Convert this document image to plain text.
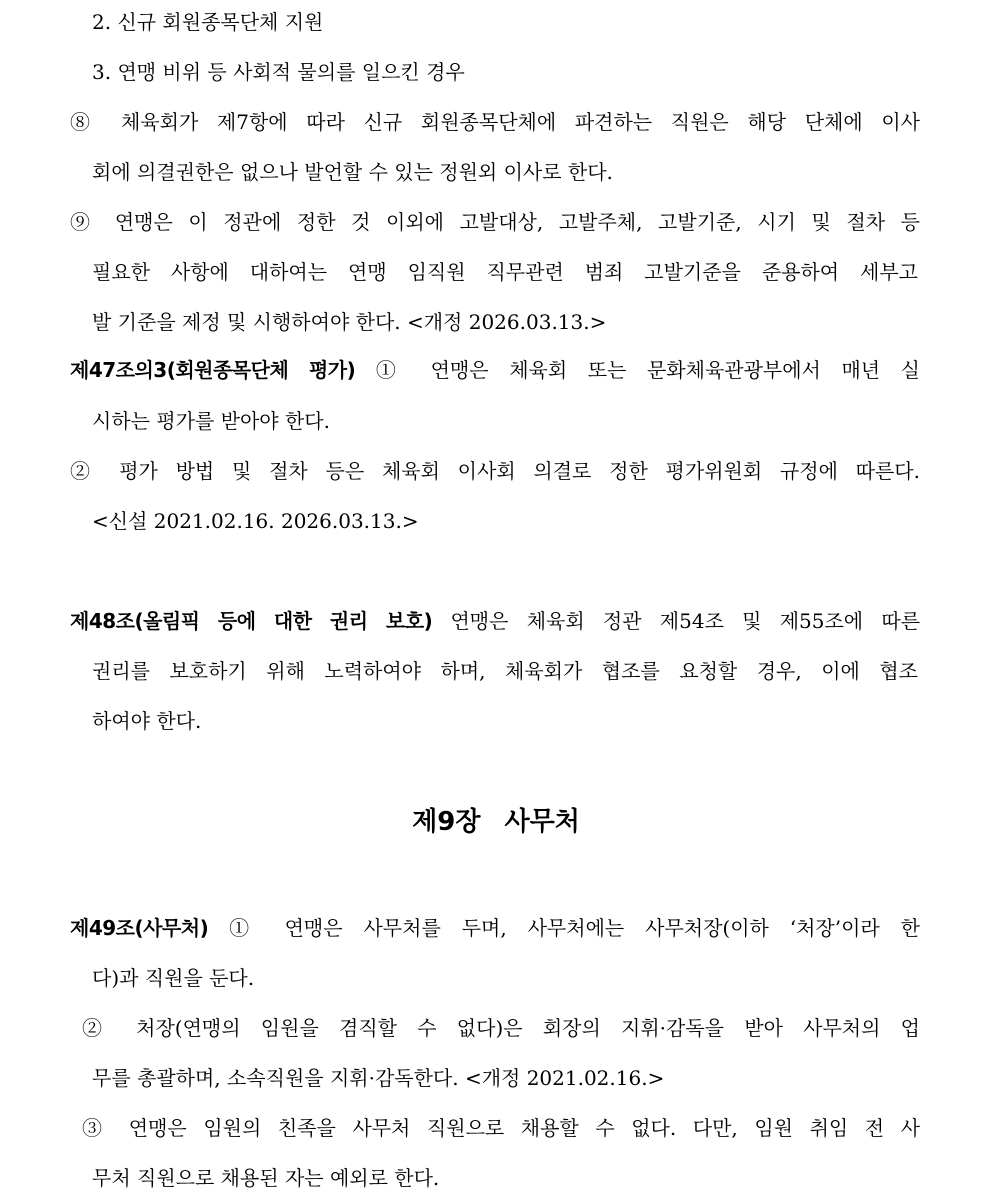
2. 신규 회원종목단체 지원
3. 연맹 비위 등 사회적 물의를 일으킨 경우
⑧ 체육회가 제7항에 따라 신규 회원종목단체에 파견하는 직원은 해당 단체에 이사
회에 의결권한은 없으나 발언할 수 있는 정원외 이사로 한다.
⑨ 연맹은 이 정관에 정한 것 이외에 고발대상, 고발주체, 고발기준, 시기 및 절차 등
필요한 사항에 대하여는 연맹 임직원 직무관련 범죄 고발기준을 준용하여 세부고
발 기준을 제정 및 시행하여야 한다. <개정 2026.03.13.>
제47조의3(회원종목단체 평가) ① 연맹은 체육회 또는 문화체육관광부에서 매년 실
시하는 평가를 받아야 한다.
② 평가 방법 및 절차 등은 체육회 이사회 의결로 정한 평가위원회 규정에 따른다.
<신설 2021.02.16. 2026.03.13.>
제48조(올림픽 등에 대한 권리 보호) 연맹은 체육회 정관 제54조 및 제55조에 따른
권리를 보호하기 위해 노력하여야 하며, 체육회가 협조를 요청할 경우, 이에 협조
하여야 한다.
제9장 사무처
제49조(사무처) ① 연맹은 사무처를 두며, 사무처에는 사무처장(이하 ‘처장’이라 한
다)과 직원을 둔다.
② 처장(연맹의 임원을 겸직할 수 없다)은 회장의 지휘·감독을 받아 사무처의 업
무를 총괄하며, 소속직원을 지휘·감독한다. <개정 2021.02.16.>
③ 연맹은 임원의 친족을 사무처 직원으로 채용할 수 없다. 다만, 임원 취임 전 사
무처 직원으로 채용된 자는 예외로 한다.
